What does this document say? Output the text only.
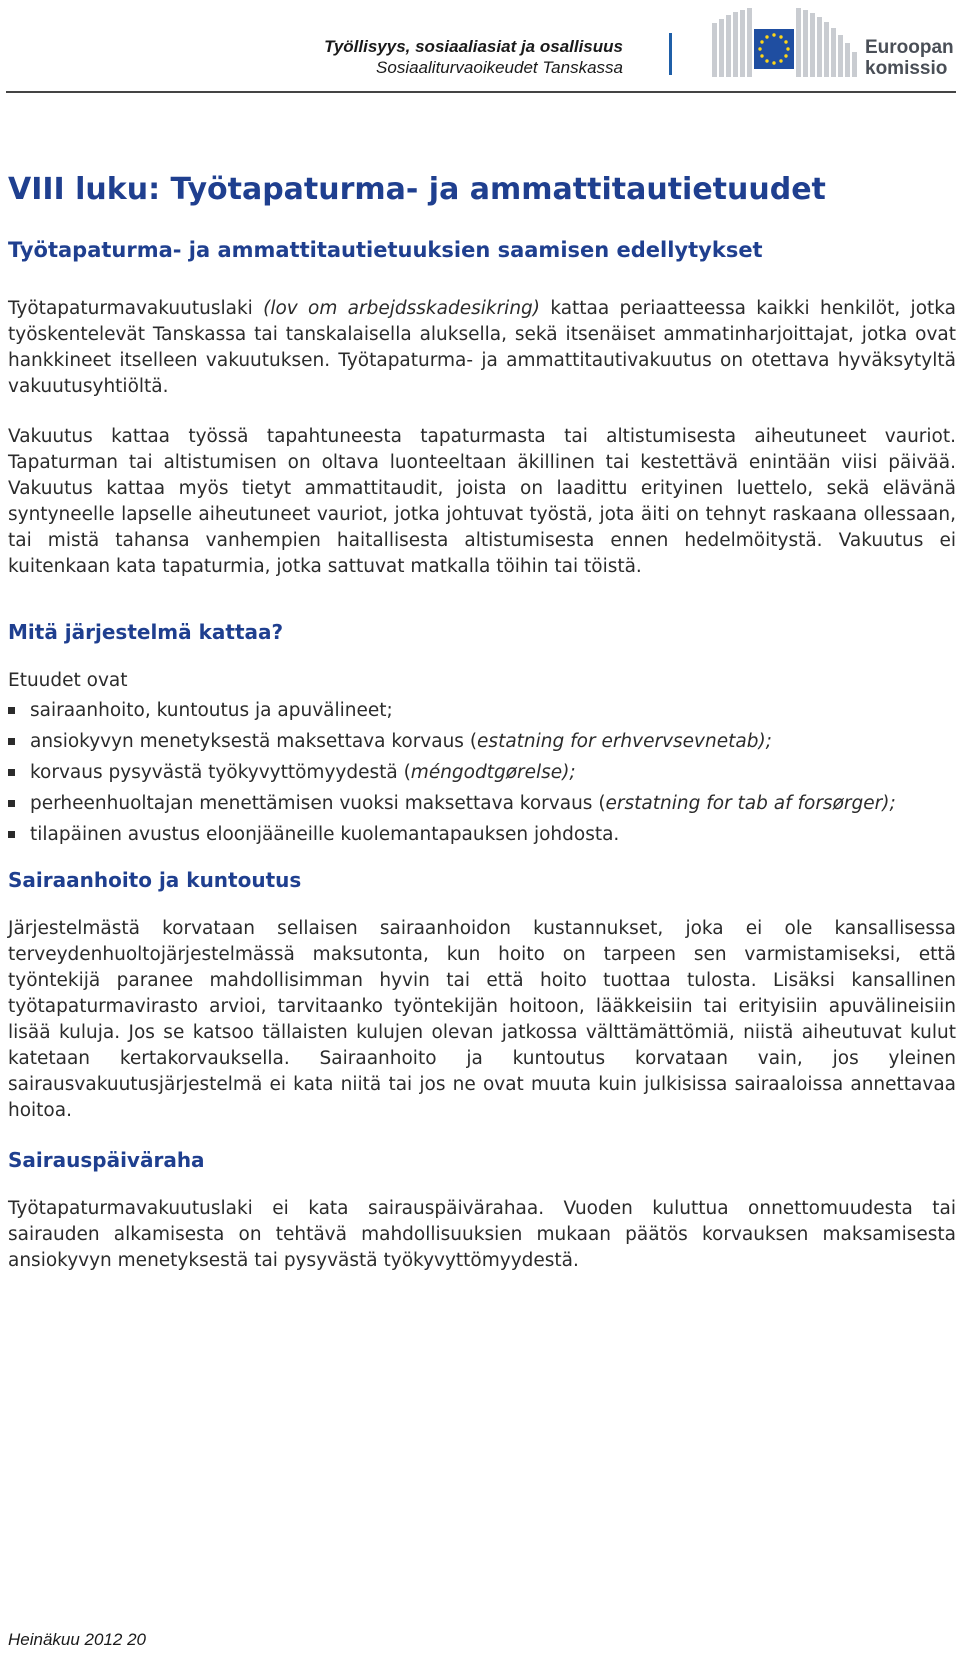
Työllisyys, sosiaaliasiat ja osallisuus
Sosiaaliturvaoikeudet Tanskassa
Euroopan
komissio
VIII luku: Työtapaturma- ja ammattitautietuudet
Työtapaturma- ja ammattitautietuuksien saamisen edellytykset

Työtapaturmavakuutuslaki (lov om arbejdsskadesikring) kattaa periaatteessa kaikki henkilöt, jotka työskentelevät Tanskassa tai tanskalaisella aluksella, sekä itsenäiset ammatinharjoittajat, jotka ovat hankkineet itselleen vakuutuksen. Työtapaturma- ja ammattitautivakuutus on otettava hyväksytyltä vakuutusyhtiöltä.

Vakuutus kattaa työssä tapahtuneesta tapaturmasta tai altistumisesta aiheutuneet vauriot. Tapaturman tai altistumisen on oltava luonteeltaan äkillinen tai kestettävä enintään viisi päivää. Vakuutus kattaa myös tietyt ammattitaudit, joista on laadittu erityinen luettelo, sekä elävänä syntyneelle lapselle aiheutuneet vauriot, jotka johtuvat työstä, jota äiti on tehnyt raskaana ollessaan, tai mistä tahansa vanhempien haitallisesta altistumisesta ennen hedelmöitystä. Vakuutus ei kuitenkaan kata tapaturmia, jotka sattuvat matkalla töihin tai töistä.

Mitä järjestelmä kattaa?

Etuudet ovat

sairaanhoito, kuntoutus ja apuvälineet;
ansiokyvyn menetyksestä maksettava korvaus (estatning for erhvervsevnetab);
korvaus pysyvästä työkyvyttömyydestä (méngodtgørelse);
perheenhuoltajan menettämisen vuoksi maksettava korvaus (erstatning for tab af forsørger);
tilapäinen avustus eloonjääneille kuolemantapauksen johdosta.
Sairaanhoito ja kuntoutus

Järjestelmästä korvataan sellaisen sairaanhoidon kustannukset, joka ei ole kansallisessa terveydenhuoltojärjestelmässä maksutonta, kun hoito on tarpeen sen varmistamiseksi, että työntekijä paranee mahdollisimman hyvin tai että hoito tuottaa tulosta. Lisäksi kansallinen työtapaturmavirasto arvioi, tarvitaanko työntekijän hoitoon, lääkkeisiin tai erityisiin apuvälineisiin lisää kuluja. Jos se katsoo tällaisten kulujen olevan jatkossa välttämättömiä, niistä aiheutuvat kulut katetaan kertakorvauksella. Sairaanhoito ja kuntoutus korvataan vain, jos yleinen sairausvakuutusjärjestelmä ei kata niitä tai jos ne ovat muuta kuin julkisissa sairaaloissa annettavaa hoitoa.

Sairauspäiväraha

Työtapaturmavakuutuslaki ei kata sairauspäivärahaa. Vuoden kuluttua onnettomuudesta tai sairauden alkamisesta on tehtävä mahdollisuuksien mukaan päätös korvauksen maksamisesta ansiokyvyn menetyksestä tai pysyvästä työkyvyttömyydestä.

Heinäkuu 2012 20
